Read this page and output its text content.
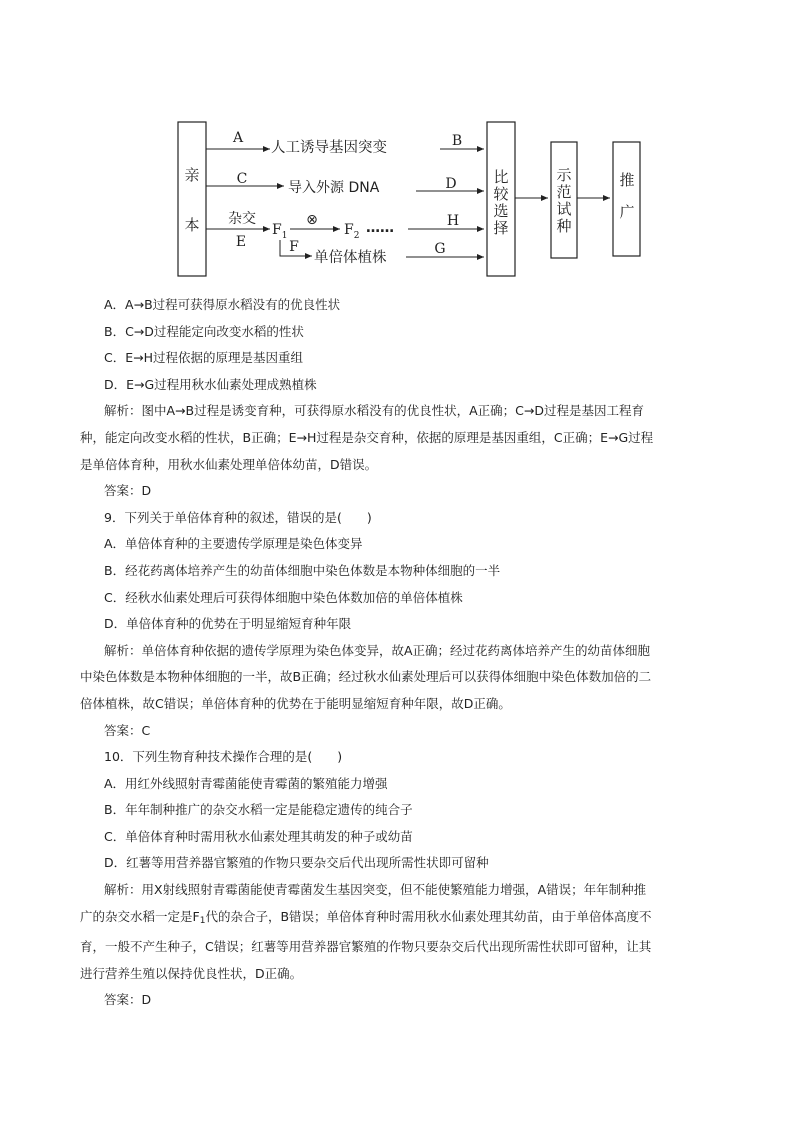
亲
本
A
人工诱导基因突变	B
C
导入外源 DNA	D
杂交
E
$F_1$
⊗
$F_2$ ……	H
F
单倍体植株
G
比
较
选
择
示
范
试
种
推
广
A．A→B过程可获得原水稻没有的优良性状
B．C→D过程能定向改变水稻的性状
C．E→H过程依据的原理是基因重组
D．E→G过程用秋水仙素处理成熟植株
解析：图中A→B过程是诱变育种，可获得原水稻没有的优良性状，A正确；C→D过程是基因工程育
种，能定向改变水稻的性状，B正确；E→H过程是杂交育种，依据的原理是基因重组，C正确；E→G过程
是单倍体育种，用秋水仙素处理单倍体幼苗，D错误。
答案：D
9．下列关于单倍体育种的叙述，错误的是(　　)
A．单倍体育种的主要遗传学原理是染色体变异
B．经花药离体培养产生的幼苗体细胞中染色体数是本物种体细胞的一半
C．经秋水仙素处理后可获得体细胞中染色体数加倍的单倍体植株
D．单倍体育种的优势在于明显缩短育种年限
解析：单倍体育种依据的遗传学原理为染色体变异，故A正确；经过花药离体培养产生的幼苗体细胞
中染色体数是本物种体细胞的一半，故B正确；经过秋水仙素处理后可以获得体细胞中染色体数加倍的二
倍体植株，故C错误；单倍体育种的优势在于能明显缩短育种年限，故D正确。
答案：C
10．下列生物育种技术操作合理的是(　　)
A．用红外线照射青霉菌能使青霉菌的繁殖能力增强
B．年年制种推广的杂交水稻一定是能稳定遗传的纯合子
C．单倍体育种时需用秋水仙素处理其萌发的种子或幼苗
D．红薯等用营养器官繁殖的作物只要杂交后代出现所需性状即可留种
解析：用X射线照射青霉菌能使青霉菌发生基因突变，但不能使繁殖能力增强，A错误；年年制种推
广的杂交水稻一定是$F_1$代的杂合子，B错误；单倍体育种时需用秋水仙素处理其幼苗，由于单倍体高度不
育，一般不产生种子，C错误；红薯等用营养器官繁殖的作物只要杂交后代出现所需性状即可留种，让其
进行营养生殖以保持优良性状，D正确。
答案：D
